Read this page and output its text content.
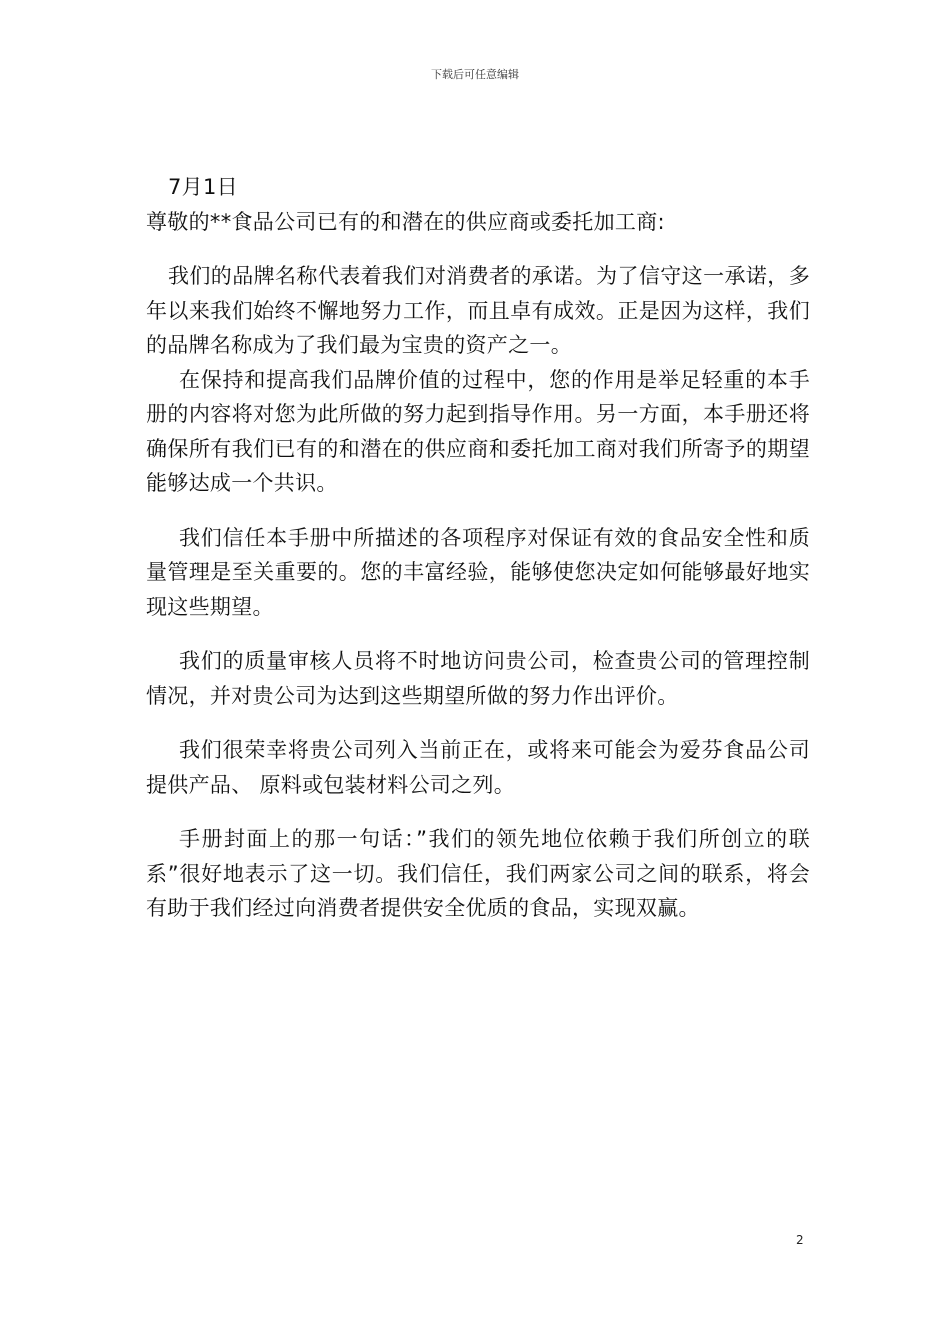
下载后可任意编辑

7月1日

尊敬的**食品公司已有的和潜在的供应商或委托加工商:

我们的品牌名称代表着我们对消费者的承诺。为了信守这一承诺，多年以来我们始终不懈地努力工作，而且卓有成效。正是因为这样，我们的品牌名称成为了我们最为宝贵的资产之一。

在保持和提高我们品牌价值的过程中，您的作用是举足轻重的本手册的内容将对您为此所做的努力起到指导作用。另一方面，本手册还将确保所有我们已有的和潜在的供应商和委托加工商对我们所寄予的期望能够达成一个共识。

我们信任本手册中所描述的各项程序对保证有效的食品安全性和质量管理是至关重要的。您的丰富经验，能够使您决定如何能够最好地实现这些期望。

我们的质量审核人员将不时地访问贵公司，检查贵公司的管理控制情况，并对贵公司为达到这些期望所做的努力作出评价。

我们很荣幸将贵公司列入当前正在，或将来可能会为爱芬食品公司提供产品、 原料或包装材料公司之列。

手册封面上的那一句话：”我们的领先地位依赖于我们所创立的联系”很好地表示了这一切。我们信任，我们两家公司之间的联系，将会有助于我们经过向消费者提供安全优质的食品，实现双赢。

2
